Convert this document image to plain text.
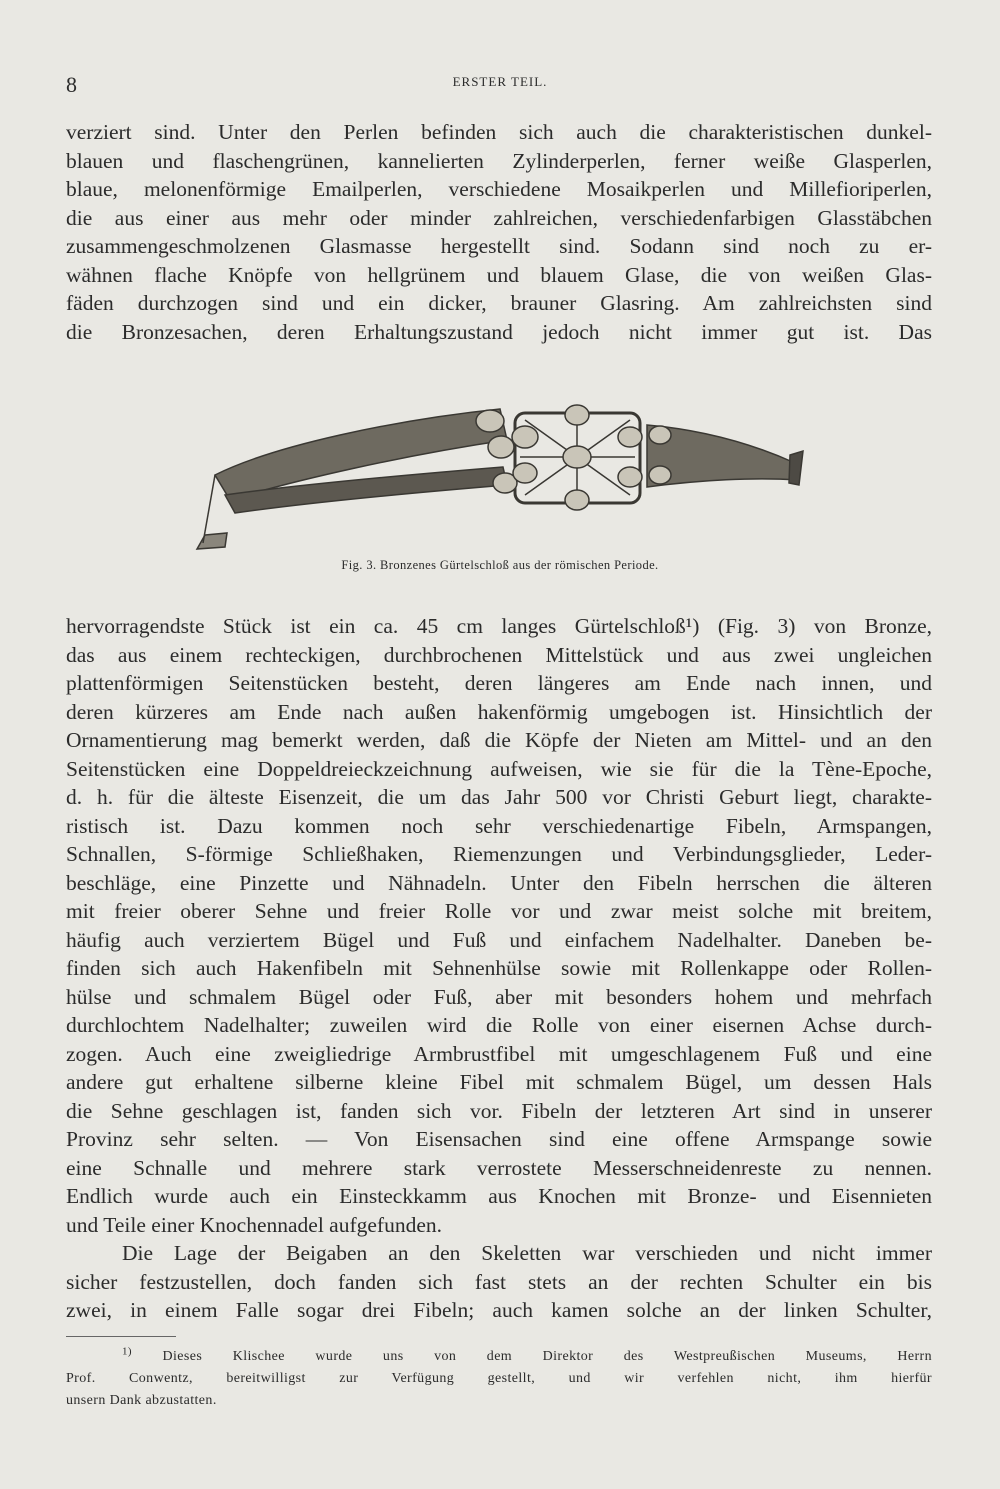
8	ERSTER TEIL.
verziert sind. Unter den Perlen befinden sich auch die charakteristischen dunkel-
blauen und flaschengrünen, kannelierten Zylinderperlen, ferner weiße Glasperlen,
blaue, melonenförmige Emailperlen, verschiedene Mosaikperlen und Millefioriperlen,
die aus einer aus mehr oder minder zahlreichen, verschiedenfarbigen Glasstäbchen
zusammengeschmolzenen Glasmasse hergestellt sind. Sodann sind noch zu er-
wähnen flache Knöpfe von hellgrünem und blauem Glase, die von weißen Glas-
fäden durchzogen sind und ein dicker, brauner Glasring. Am zahlreichsten sind
die Bronzesachen, deren Erhaltungszustand jedoch nicht immer gut ist. Das
Fig. 3. Bronzenes Gürtelschloß aus der römischen Periode.
hervorragendste Stück ist ein ca. 45 cm langes Gürtelschloß¹) (Fig. 3) von Bronze,
das aus einem rechteckigen, durchbrochenen Mittelstück und aus zwei ungleichen
plattenförmigen Seitenstücken besteht, deren längeres am Ende nach innen, und
deren kürzeres am Ende nach außen hakenförmig umgebogen ist. Hinsichtlich der
Ornamentierung mag bemerkt werden, daß die Köpfe der Nieten am Mittel- und an den
Seitenstücken eine Doppeldreieckzeichnung aufweisen, wie sie für die la Tène-Epoche,
d. h. für die älteste Eisenzeit, die um das Jahr 500 vor Christi Geburt liegt, charakte-
ristisch ist. Dazu kommen noch sehr verschiedenartige Fibeln, Armspangen,
Schnallen, S-förmige Schließhaken, Riemenzungen und Verbindungsglieder, Leder-
beschläge, eine Pinzette und Nähnadeln. Unter den Fibeln herrschen die älteren
mit freier oberer Sehne und freier Rolle vor und zwar meist solche mit breitem,
häufig auch verziertem Bügel und Fuß und einfachem Nadelhalter. Daneben be-
finden sich auch Hakenfibeln mit Sehnenhülse sowie mit Rollenkappe oder Rollen-
hülse und schmalem Bügel oder Fuß, aber mit besonders hohem und mehrfach
durchlochtem Nadelhalter; zuweilen wird die Rolle von einer eisernen Achse durch-
zogen. Auch eine zweigliedrige Armbrustfibel mit umgeschlagenem Fuß und eine
andere gut erhaltene silberne kleine Fibel mit schmalem Bügel, um dessen Hals
die Sehne geschlagen ist, fanden sich vor. Fibeln der letzteren Art sind in unserer
Provinz sehr selten. — Von Eisensachen sind eine offene Armspange sowie
eine Schnalle und mehrere stark verrostete Messerschneidenreste zu nennen.
Endlich wurde auch ein Einsteckkamm aus Knochen mit Bronze- und Eisennieten
und Teile einer Knochennadel aufgefunden.
Die Lage der Beigaben an den Skeletten war verschieden und nicht immer
sicher festzustellen, doch fanden sich fast stets an der rechten Schulter ein bis
zwei, in einem Falle sogar drei Fibeln; auch kamen solche an der linken Schulter,
$^{1)}$ Dieses Klischee wurde uns von dem Direktor des Westpreußischen Museums, Herrn
Prof. Conwentz, bereitwilligst zur Verfügung gestellt, und wir verfehlen nicht, ihm hierfür
unsern Dank abzustatten.
